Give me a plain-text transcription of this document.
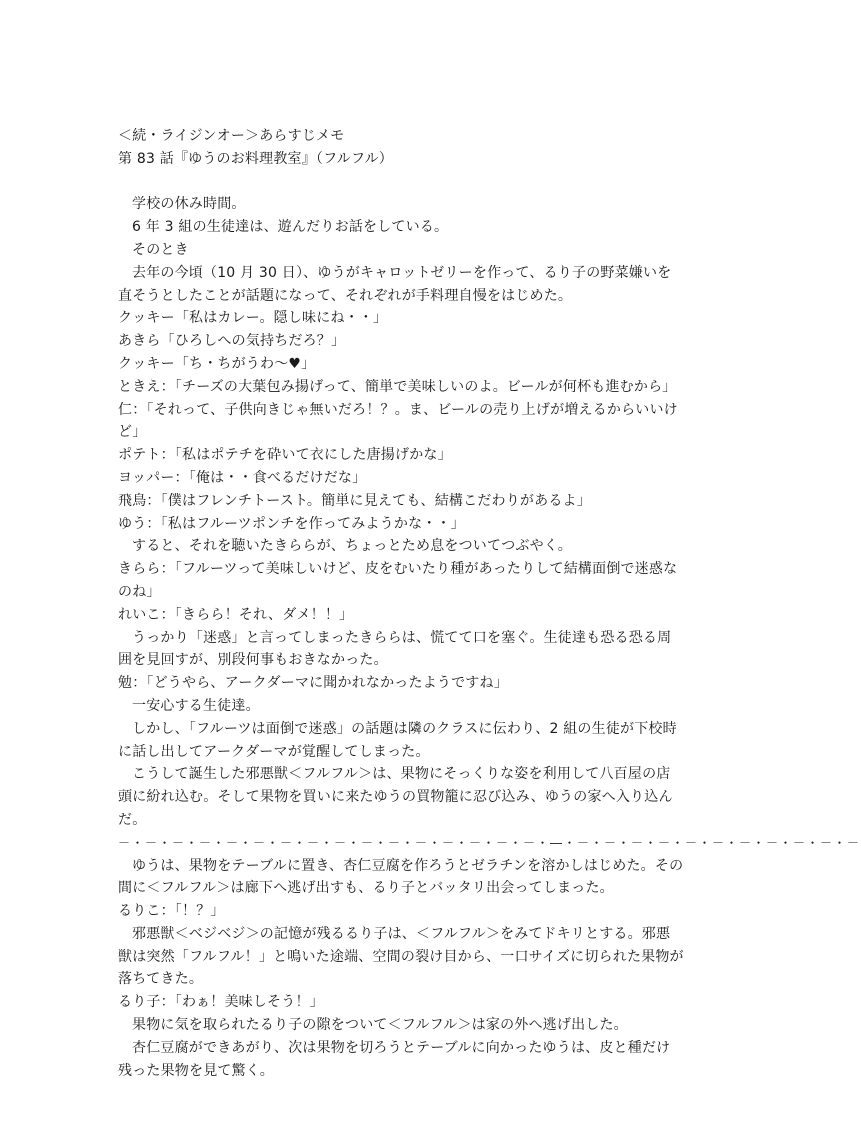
＜続・ライジンオー＞あらすじメモ
第 83 話『ゆうのお料理教室』（フルフル）
学校の休み時間。
6 年 3 組の生徒達は、遊んだりお話をしている。
そのとき
去年の今頃（10 月 30 日）、ゆうがキャロットゼリーを作って、るり子の野菜嫌いを直そうとしたことが話題になって、それぞれが手料理自慢をはじめた。
クッキー「私はカレー。隠し味にね・・」
あきら「ひろしへの気持ちだろ？」
クッキー「ち・ちがうわ～♥」
ときえ：「チーズの大葉包み揚げって、簡単で美味しいのよ。ビールが何杯も進むから」
仁：「それって、子供向きじゃ無いだろ！？。ま、ビールの売り上げが増えるからいいけど」
ポテト：「私はポテチを砕いて衣にした唐揚げかな」
ヨッパー：「俺は・・食べるだけだな」
飛鳥：「僕はフレンチトースト。簡単に見えても、結構こだわりがあるよ」
ゆう：「私はフルーツポンチを作ってみようかな・・」
すると、それを聴いたきららが、ちょっとため息をついてつぶやく。
きらら：「フルーツって美味しいけど、皮をむいたり種があったりして結構面倒で迷惑なのね」
れいこ：「きらら！それ、ダメ！！」
うっかり「迷惑」と言ってしまったきららは、慌てて口を塞ぐ。生徒達も恐る恐る周囲を見回すが、別段何事もおきなかった。
勉：「どうやら、アークダーマに聞かれなかったようですね」
一安心する生徒達。
しかし、「フルーツは面倒で迷惑」の話題は隣のクラスに伝わり、2 組の生徒が下校時に話し出してアークダーマが覚醒してしまった。
こうして誕生した邪悪獣＜フルフル＞は、果物にそっくりな姿を利用して八百屋の店頭に紛れ込む。そして果物を買いに来たゆうの買物籠に忍び込み、ゆうの家へ入り込んだ。
－・－・－・－・－・－・－・－・－・－・－・－・－・－・－・－・―・－・－・－・－・－・－・－・－・－・－・－
ゆうは、果物をテーブルに置き、杏仁豆腐を作ろうとゼラチンを溶かしはじめた。その間に＜フルフル＞は廊下へ逃げ出すも、るり子とバッタリ出会ってしまった。
るりこ：「！？」
邪悪獣＜ベジベジ＞の記憶が残るるり子は、＜フルフル＞をみてドキリとする。邪悪獣は突然「フルフル！」と鳴いた途端、空間の裂け目から、一口サイズに切られた果物が落ちてきた。
るり子：「わぁ！美味しそう！」
果物に気を取られたるり子の隙をついて＜フルフル＞は家の外へ逃げ出した。
杏仁豆腐ができあがり、次は果物を切ろうとテーブルに向かったゆうは、皮と種だけ残った果物を見て驚く。
